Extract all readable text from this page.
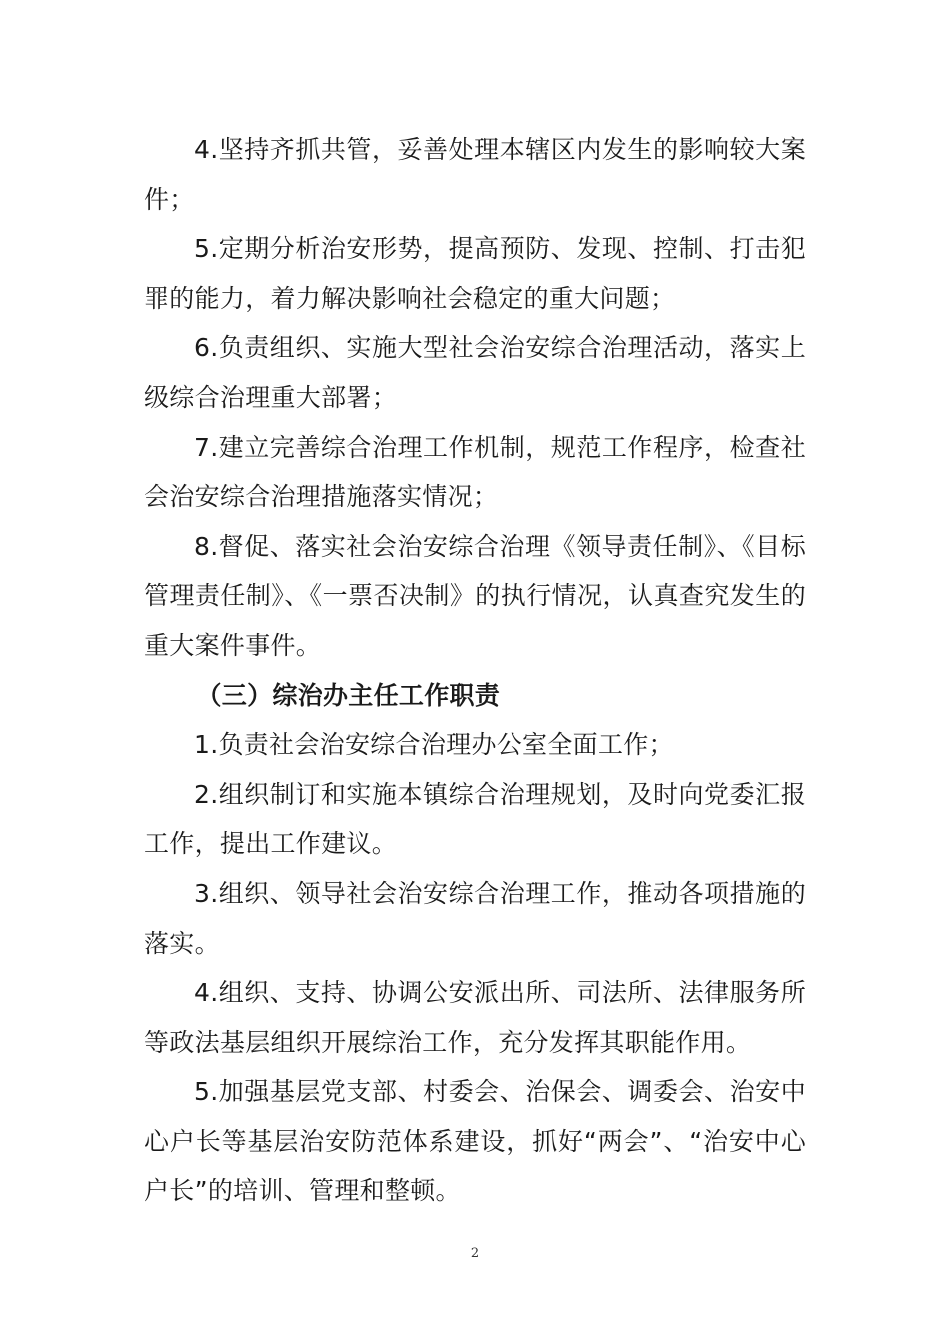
4.坚持齐抓共管，妥善处理本辖区内发生的影响较大案件；

5.定期分析治安形势，提高预防、发现、控制、打击犯罪的能力，着力解决影响社会稳定的重大问题；

6.负责组织、实施大型社会治安综合治理活动，落实上级综合治理重大部署；

7.建立完善综合治理工作机制，规范工作程序，检查社会治安综合治理措施落实情况；

8.督促、落实社会治安综合治理《领导责任制》、《目标管理责任制》、《一票否决制》的执行情况，认真查究发生的重大案件事件。

（三）综治办主任工作职责

1.负责社会治安综合治理办公室全面工作；

2.组织制订和实施本镇综合治理规划，及时向党委汇报工作，提出工作建议。

3.组织、领导社会治安综合治理工作，推动各项措施的落实。

4.组织、支持、协调公安派出所、司法所、法律服务所等政法基层组织开展综治工作，充分发挥其职能作用。

5.加强基层党支部、村委会、治保会、调委会、治安中心户长等基层治安防范体系建设，抓好“两会”、“治安中心户长”的培训、管理和整顿。

2
